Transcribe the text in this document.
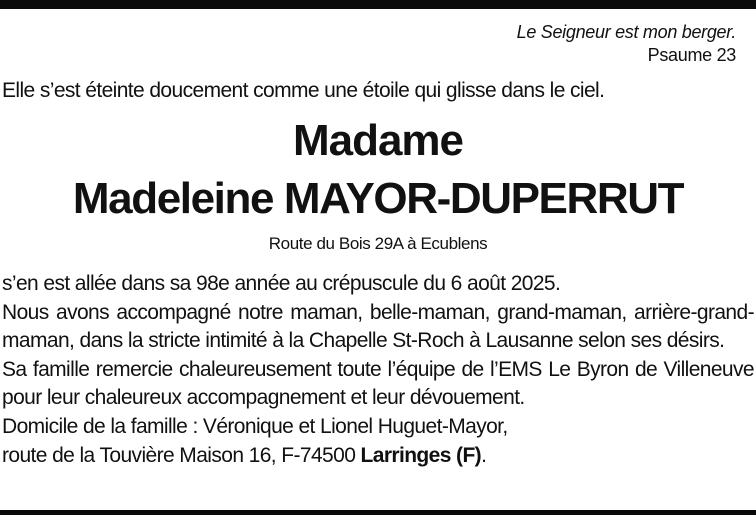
Le Seigneur est mon berger.
Psaume 23
Elle s’est éteinte doucement comme une étoile qui glisse dans le ciel.
Madame
Madeleine MAYOR-DUPERRUT
Route du Bois 29A à Ecublens

s’en est allée dans sa 98e année au crépuscule du 6 août 2025.

Nous avons accompagné notre maman, belle-maman, grand-maman, arrière-grand-maman, dans la stricte intimité à la Chapelle St-Roch à Lausanne selon ses désirs.

Sa famille remercie chaleureusement toute l’équipe de l’EMS Le Byron de Villeneuve pour leur chaleureux accompagnement et leur dévouement.

Domicile de la famille : Véronique et Lionel Huguet-Mayor,

route de la Touvière Maison 16, F-74500 Larringes (F).
